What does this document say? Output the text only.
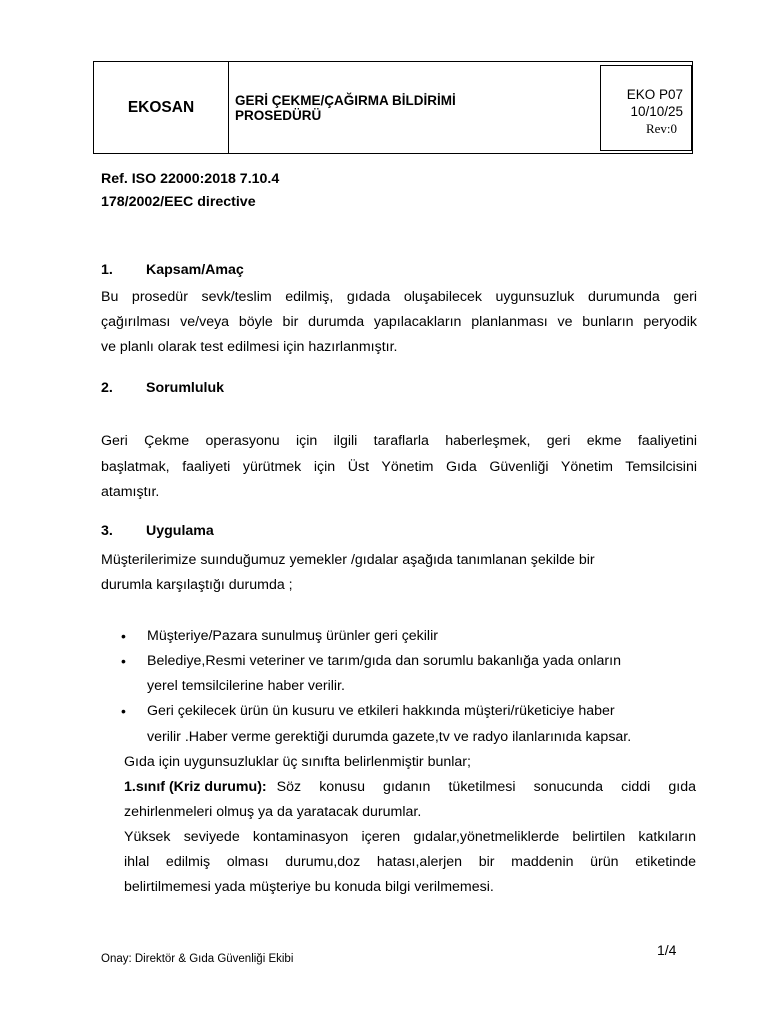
EKOSAN	GERİ ÇEKME/ÇAĞIRMA BİLDİRİMİ
PROSEDÜRÜ
EKO P07
10/10/25
Rev:0
Ref. ISO 22000:2018 7.10.4
178/2002/EEC directive
1. Kapsam/Amaç
Bu prosedür sevk/teslim edilmiş, gıdada oluşabilecek uygunsuzluk durumunda geri
çağırılması ve/veya böyle bir durumda yapılacakların planlanması ve bunların peryodik
ve planlı olarak test edilmesi için hazırlanmıştır.
2. Sorumluluk
Geri Çekme operasyonu için ilgili taraflarla haberleşmek, geri ekme faaliyetini
başlatmak, faaliyeti yürütmek için Üst Yönetim Gıda Güvenliği Yönetim Temsilcisini
atamıştır.
3. Uygulama
Müşterilerimize suınduğumuz yemekler /gıdalar aşağıda tanımlanan şekilde bir
durumla karşılaştığı durumda ;
• Müşteriye/Pazara sunulmuş ürünler geri çekilir
• Belediye,Resmi veteriner ve tarım/gıda dan sorumlu bakanlığa yada onların
yerel temsilcilerine haber verilir.
• Geri çekilecek ürün ün kusuru ve etkileri hakkında müşteri/rüketiciye haber
verilir .Haber verme gerektiği durumda gazete,tv ve radyo ilanlarınıda kapsar.
Gıda için uygunsuzluklar üç sınıfta belirlenmiştir bunlar;
1.sınıf (Kriz durumu): Söz konusu gıdanın tüketilmesi sonucunda ciddi gıda
zehirlenmeleri olmuş ya da yaratacak durumlar.
Yüksek seviyede kontaminasyon içeren gıdalar,yönetmeliklerde belirtilen katkıların
ihlal edilmiş olması durumu,doz hatası,alerjen bir maddenin ürün etiketinde
belirtilmemesi yada müşteriye bu konuda bilgi verilmemesi.
1/4
Onay: Direktör & Gıda Güvenliği Ekibi
